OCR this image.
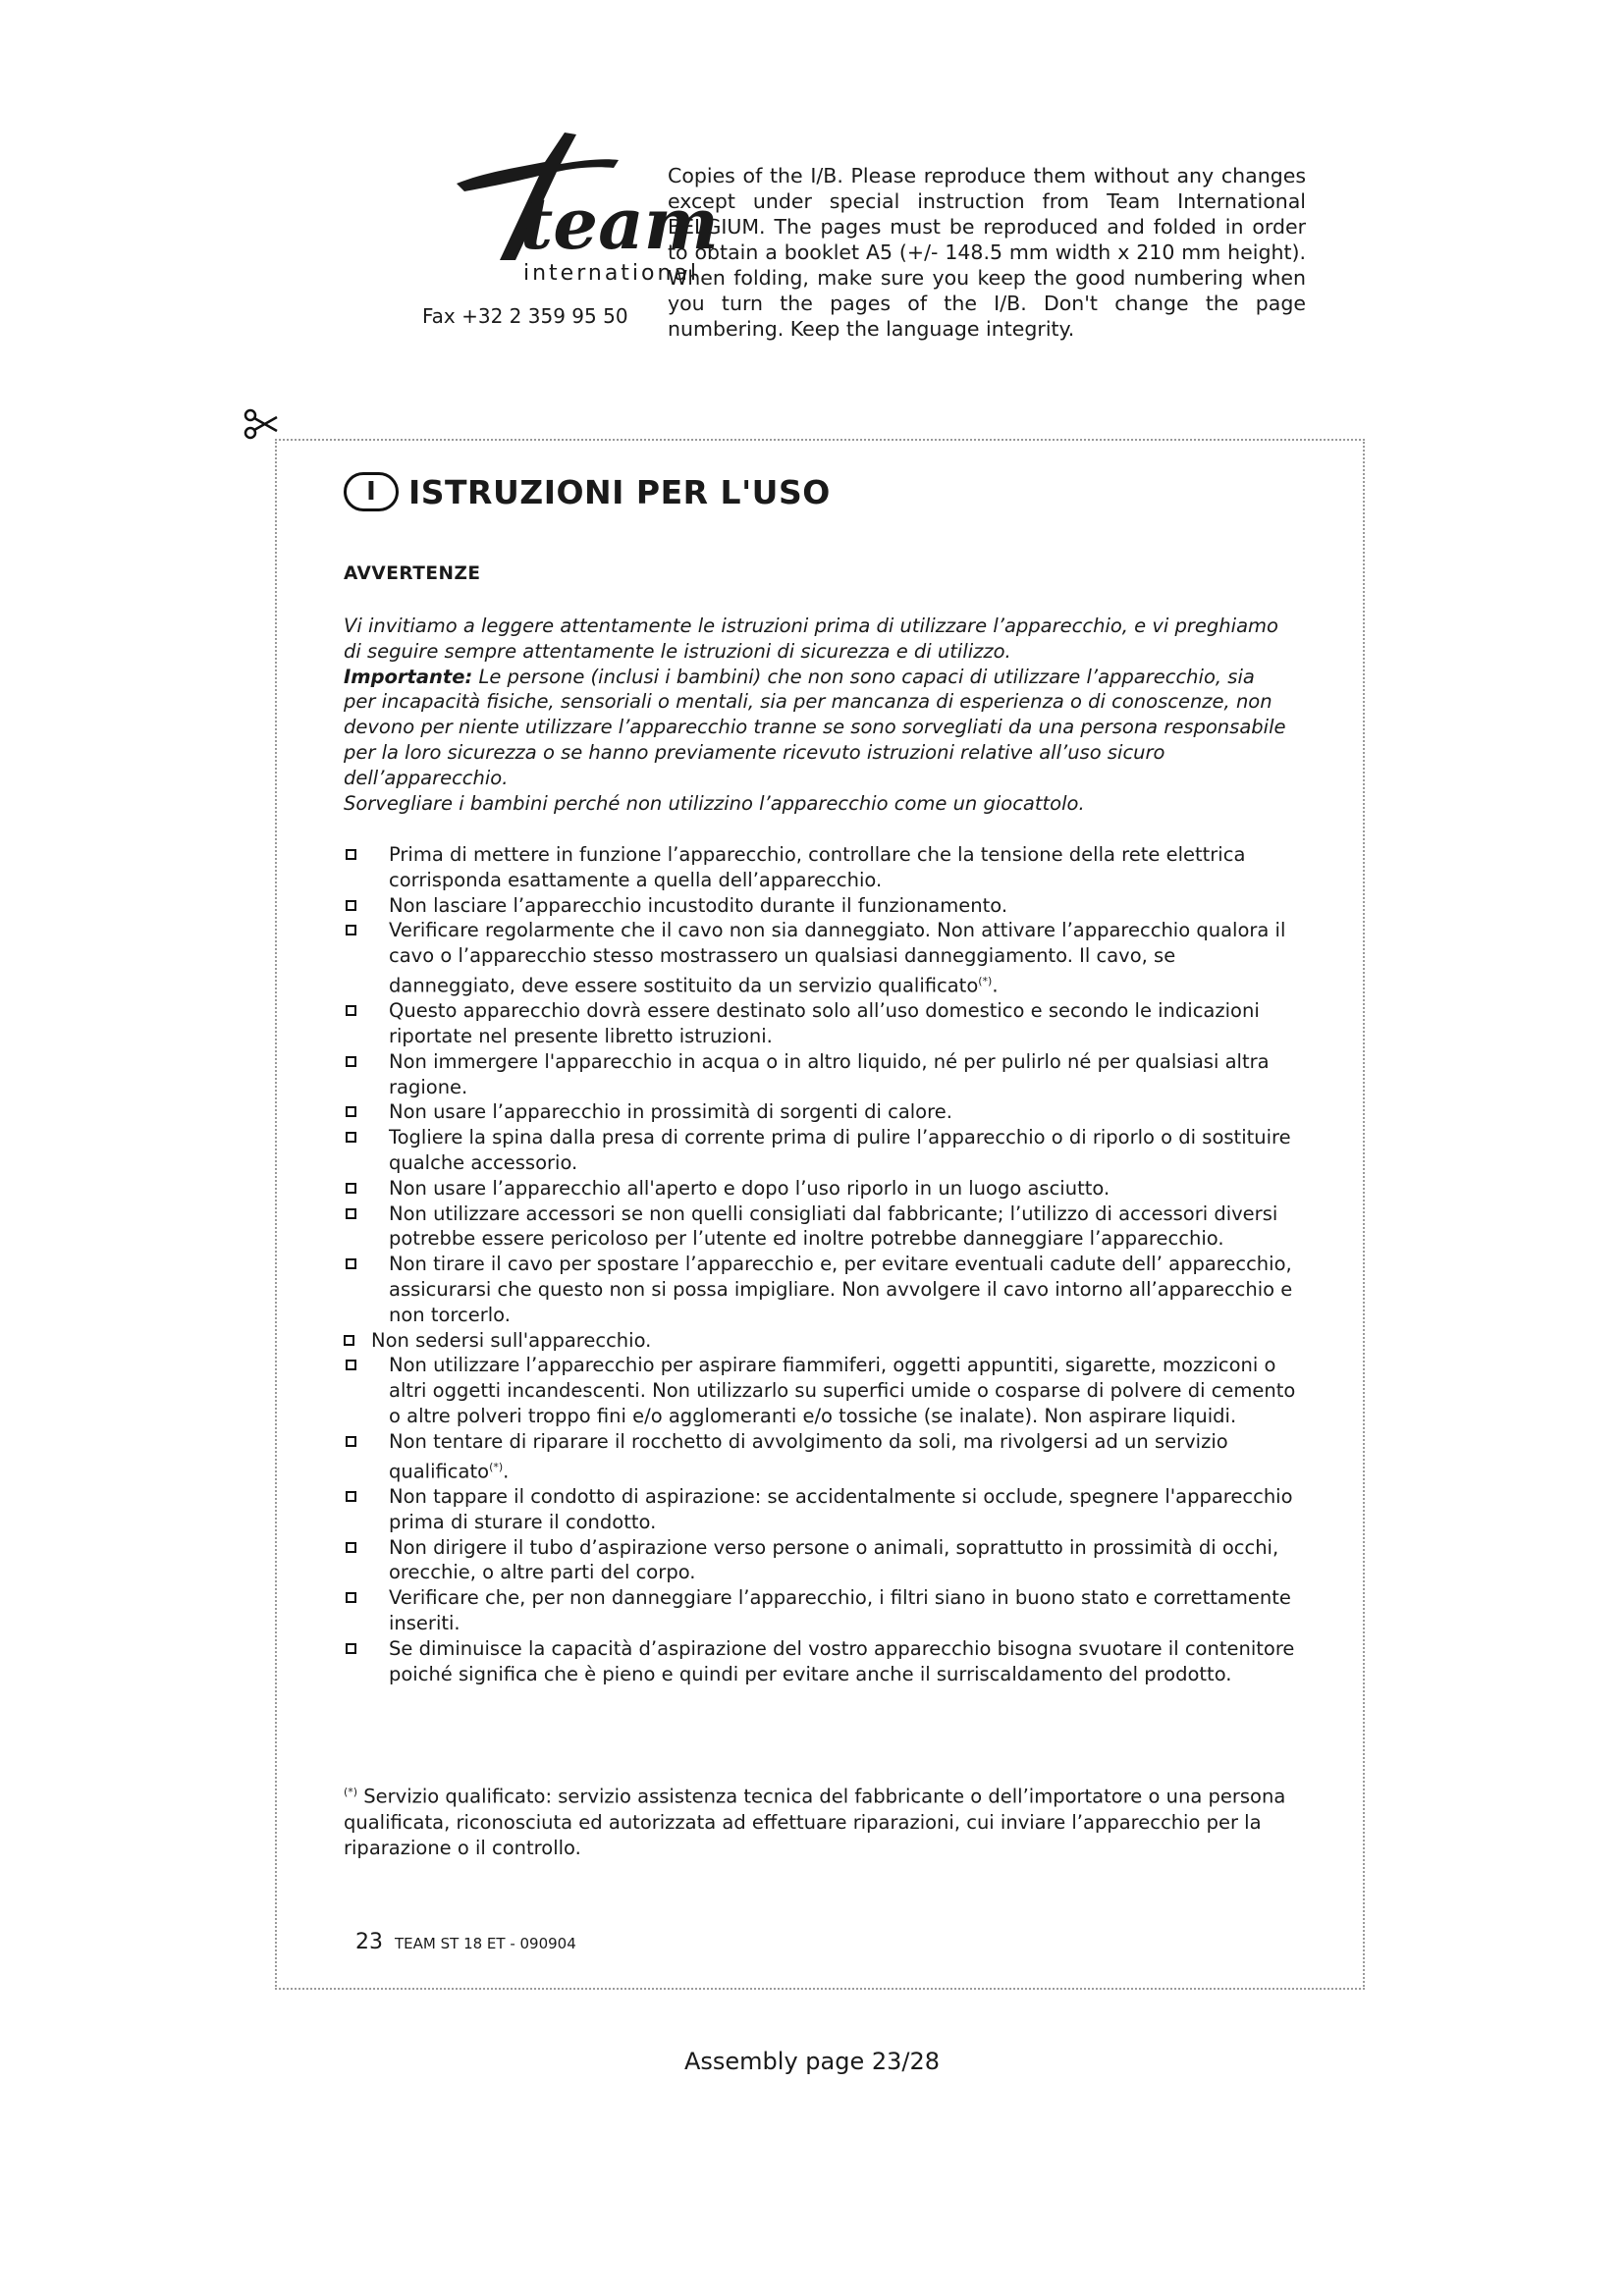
team
international
Fax +32 2 359 95 50
Copies of the I/B. Please reproduce them without any changes except under special instruction from Team International BELGIUM. The pages must be reproduced and folded in order to obtain a booklet A5 (+/- 148.5 mm width x 210 mm height). When folding, make sure you keep the good numbering when you turn the pages of the I/B. Don't change the page numbering. Keep the language integrity.
I	ISTRUZIONI PER L'USO
AVVERTENZE

Vi invitiamo a leggere attentamente le istruzioni prima di utilizzare l’apparecchio, e vi preghiamo di seguire sempre attentamente le istruzioni di sicurezza e di utilizzo.

Importante: Le persone (inclusi i bambini) che non sono capaci di utilizzare l’apparecchio, sia per incapacità fisiche, sensoriali o mentali, sia per mancanza di esperienza o di conoscenze, non devono per niente utilizzare l’apparecchio tranne se sono sorvegliati da una persona responsabile per la loro sicurezza o se hanno previamente ricevuto istruzioni relative all’uso sicuro dell’apparecchio.

Sorvegliare i bambini perché non utilizzino l’apparecchio come un giocattolo.

Prima di mettere in funzione l’apparecchio, controllare che la tensione della rete elettrica corrisponda esattamente a quella dell’apparecchio.
Non lasciare l’apparecchio incustodito durante il funzionamento.
Verificare regolarmente che il cavo non sia danneggiato. Non attivare l’apparecchio qualora il cavo o l’apparecchio stesso mostrassero un qualsiasi danneggiamento. Il cavo, se danneggiato, deve essere sostituito da un servizio qualificato(*).
Questo apparecchio dovrà essere destinato solo all’uso domestico e secondo le indicazioni riportate nel presente libretto istruzioni.
Non immergere l'apparecchio in acqua o in altro liquido, né per pulirlo né per qualsiasi altra ragione.
Non usare l’apparecchio in prossimità di sorgenti di calore.
Togliere la spina dalla presa di corrente prima di pulire l’apparecchio o di riporlo o di sostituire qualche accessorio.
Non usare l’apparecchio all'aperto e dopo l’uso riporlo in un luogo asciutto.
Non utilizzare accessori se non quelli consigliati dal fabbricante; l’utilizzo di accessori diversi potrebbe essere pericoloso per l’utente ed inoltre potrebbe danneggiare l’apparecchio.
Non tirare il cavo per spostare l’apparecchio e, per evitare eventuali cadute dell’ apparecchio, assicurarsi che questo non si possa impigliare. Non avvolgere il cavo intorno all’apparecchio e non torcerlo.
Non sedersi sull'apparecchio.
Non utilizzare l’apparecchio per aspirare fiammiferi, oggetti appuntiti, sigarette, mozziconi o altri oggetti incandescenti. Non utilizzarlo su superfici umide o cosparse di polvere di cemento o altre polveri troppo fini e/o agglomeranti e/o tossiche (se inalate). Non aspirare liquidi.
Non tentare di riparare il rocchetto di avvolgimento da soli, ma rivolgersi ad un servizio qualificato(*).
Non tappare il condotto di aspirazione: se accidentalmente si occlude, spegnere l'apparecchio prima di sturare il condotto.
Non dirigere il tubo d’aspirazione verso persone o animali, soprattutto in prossimità di occhi, orecchie, o altre parti del corpo.
Verificare che, per non danneggiare l’apparecchio, i filtri siano in buono stato e correttamente inseriti.
Se diminuisce la capacità d’aspirazione del vostro apparecchio bisogna svuotare il contenitore poiché significa che è pieno e quindi per evitare anche il surriscaldamento del prodotto.
(*) Servizio qualificato: servizio assistenza tecnica del fabbricante o dell’importatore o una persona qualificata, riconosciuta ed autorizzata ad effettuare riparazioni, cui inviare l’apparecchio per la riparazione o il controllo.
23 TEAM ST 18 ET - 090904
Assembly page 23/28
